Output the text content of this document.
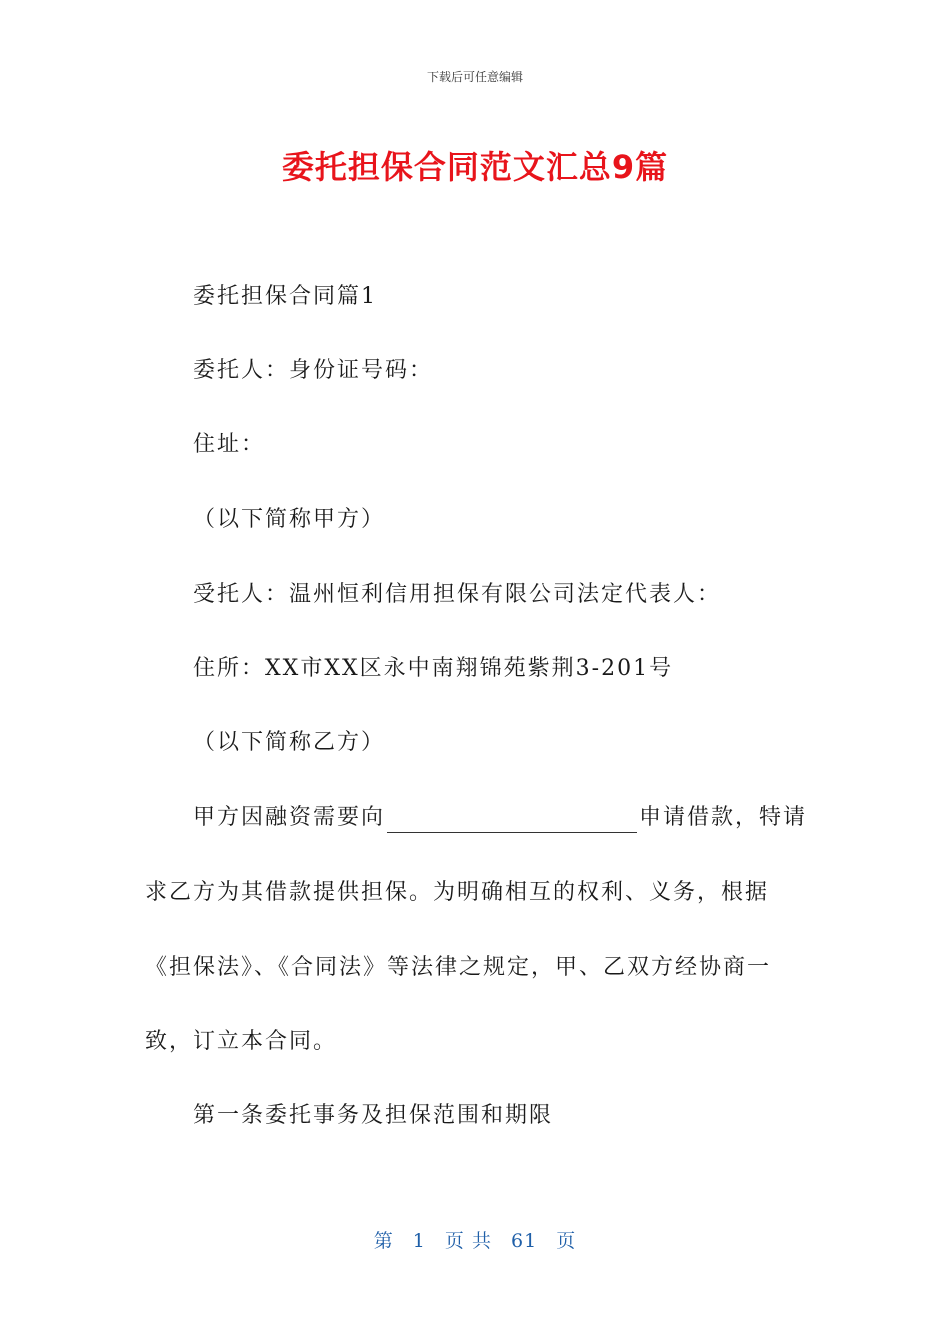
下载后可任意编辑
委托担保合同范文汇总9篇

委托担保合同篇1

委托人：身份证号码：

住址：

（以下简称甲方）

受托人：温州恒利信用担保有限公司法定代表人：

住所：XX市XX区永中南翔锦苑紫荆3-201号

（以下简称乙方）

甲方因融资需要向	申请借款，特请

求乙方为其借款提供担保。为明确相互的权利、义务，根据

《担保法》、《合同法》等法律之规定，甲、乙双方经协商一

致，订立本合同。

第一条委托事务及担保范围和期限

第 1 页 共 61 页
